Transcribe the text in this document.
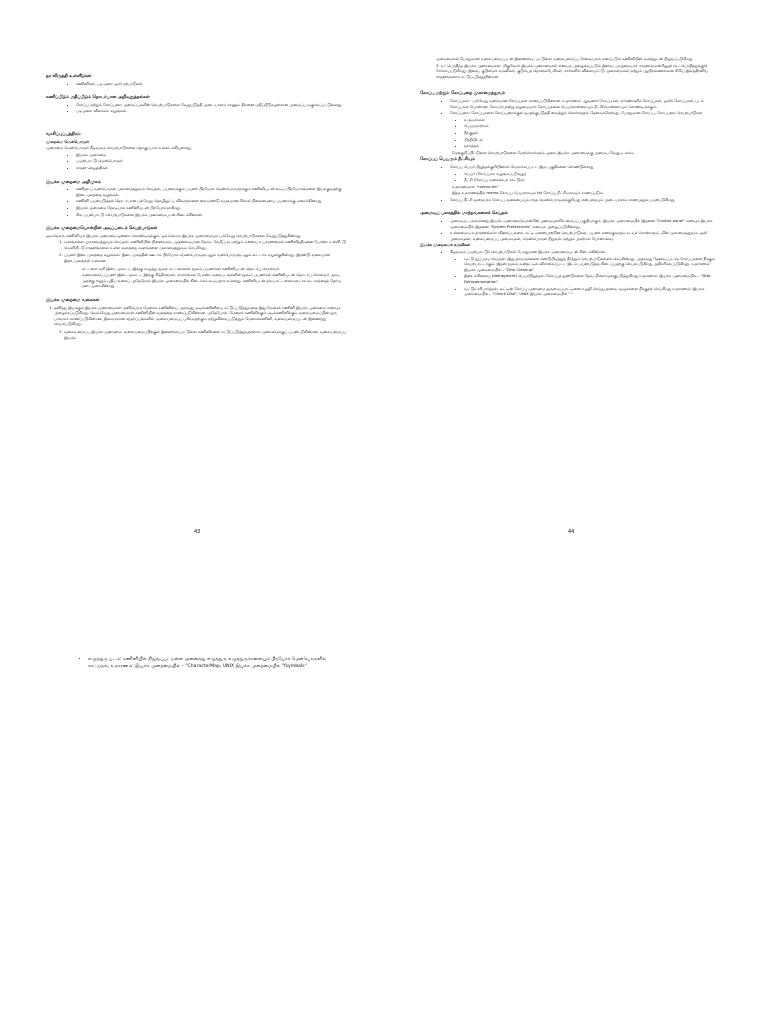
தர விருத்தி உள்ளீடுகள்
• கணினிகள், படிமுறை ஒலி ஏற்பாடுகள்
கணிப்பீடும் மதிப்பீடும் தொடர்பான அறிவுறுத்தல்கள்
• கோப்பு மற்றும் கோப்புறை அமைப்புகளின் செயற்பாடுகளை வேறுபடுத்தி அடையாளம் காணும் திறனை மதிப்பிடுவதற்கான அமைப்பு வகுக்கப்பட்டுள்ளது.
• படிமுறை விளக்கம் வழங்கல்.
வாசிப்புப்பத்திரம்

முறைமை மென்பொருள்

முறைமை மென்பொருள் கீழ்வரும் செயற்பாடுகளை தொகுப்பாக உள்ளடக்கியுள்ளது.

• இயக்க முறைமை
• பயன்பாட்டு மென்பொருள்
• சாதன செலுத்திகள்
இயக்க முறைமை அறிமுகம்
• கணிதஉப வன்பொருள் முகாமைத்துவம் செய்தல், பயனருக்கும் பயனர் பிரயோக மென்பொருளுக்கும் கணினியுடன் கூடிய பிரயோகங்களை இயக்குவதற்கு இடைமுகத்தை வழங்கல்.
• கணினி பயன்படுத்தல் தொடர்பான பல்வேறு தொழிலுட்ப விவரங்களை கையாண்டு சுமுகமான சிக்கல் நிலைமையை பயனருக்கு மறைக்கின்றது.
• இயக்க முறைமை நேரடியாக கணினியுடன் பிரயோகமாகிறது.
• சில பயன்பாட்டு செயற்பாடுகளை இயக்க முறைமையுடன் கிடைக்கின்றன.
இயக்க முறைமையொன்றின் அடிப்படைச் செயற்பாடுகள்

ஒவ்வொரு கணினியும் இயக்க முறைமை ஒன்றை கொண்டிருக்கும். ஒவ்வொரு இயக்க முறைமையும் பல்வேறு செயற்பாடுகளை வேறுபடுத்துகின்றது.

1. வளங்களை முகாமைத்துவம் செய்தல்: கணினியின் நினைவகம், முதன்மையான நேரம், சேமிப்பக மற்றும் ஏனைய உபகரணங்கள் கணினித்திறனை போன்ற உள்ளீட்டு வெளியீட்டு சாதனங்களை உள்ள வளத்தை வளங்களை முகாமைத்துவம் செய்கிறது.
2. பயனர் இடைமுகத்தை வழங்கல்: இடைமுகத்தின் ஊடாக பிரயோக மென்பொருளுடனும் வன்பொருளுடனும் கூட்டாக வழங்குகின்றது. இரண்டு வகையான இடைமுகங்கள் உள்ளன.

கட்டளை வரி இடைமுகம் — இங்கு எழுத்து மூலக் கட்டளைகள் மூலம் பயனர்கள் கணினியுடன் தொடர்பு கொள்வர்.

வரைகலைப் பயனர் இடைமுகம் — இங்கு சித்திரங்கள், சாளரங்கள் போன்ற வரைபடங்களின் மூலம் பயனர்கள் கணினியுடன் தொடர்பு கொள்வர். தரவு அதற்கு ஈனும் புதிய வகைப் அதேநேரம் இயக்க முறைமையில் கிடைக்கக் கூடியதாக உள்ளது. கணினியுடன் தரவு கட்டளைகளுடாக கூடாரத்தைத் தேர்வு நடைமுறைகின்றது.

இயக்க முறைமை வகைகள்
1. தனித்து இயக்கும் இயக்க முறைமைகள்: தனியொரு மேசைக் கணினியை அவ்வது மடிக்கணினியை கட்டுப்படுத்துவதை இது மேசைக் கணினி இயக்க முறைமை எனவும் அழைக்கப்படுகிறது. வெவ்வேறு முறைமைகள் கணினியின் வளத்தை காணப்படுகின்றன. அதேபோல், மேசைக் கணினிக்கும் மடிக்கணினிக்கும் வலையமைப்பின் ஒரு பாகமாக காணப்படுகின்றன. இவ்வாறான சந்தர்ப்பங்களில், வலையமைப்பு பகிரவதற்கும் ஏற்றுவிசைப்படுத்தும் மேசைக்கணினி, வலையமைப்புடன் இணைந்து செயல்படுகிறது.
2. வலையமைப்பு இயக்க முறைமை: வலையமைப்பிற்குள் இணைக்கப்பட்டுள்ள கணினிகளை கட்டுப்படுத்துவதற்காக முறைமைக்குப் பயன்படுகின்றன. வலையமைப்பு இயக்க
43

முறைமைகள் போதுமான வலையமைப்புடன் இணைக்கப் பட்டுள்ள வலையமைப்பு சேவையகம் எனப்படும் கணினியின் வளத்துடன் நிறுவப்படுகிறது.

3. உட்பொதிந்த இயக்க முறைமைகள்: மிகுவோர் இயக்க முறைமைகள் எனவும் அழைக்கப்படும் இவை, முழுமையாக சாதனமொன்றினுள் (உட்பொதித்துக்குச்) சேர்க்கப்படுகிறது. இவை, குடுமைக் கருவிகள், குடும்பத் தொலைபேசிகள், கார்களில் விளையாட்டு முறைமைகள் மற்றும் ஆயிரக்கணக்கான சிறிய இலத்திரனிய சாதனங்களாக கட்டுப்படுத்துகின்றன.

கோப்பு மற்றும் கோப்புறை முகாமைத்துவம்
• கோப்புகள் : பல்வேறு வகையான கோப்புகள் காணப்படுகின்றன. உதாரணம்: ஆவணக் கோப்புகள், காணொளிக் கோப்புகள், ஒலிக் கோப்புகள், படக் கோப்புகள் போன்றன. கோப்பொன்று வழமையாக கோப்புகளை பெயரொன்றையும் நீட்சியொன்றையும் கொண்டிருக்கும்.
• கோப்புறை: கோப்புகளை கோப்புறைக்குள் ஒழுங்குபடுத்தி வைத்துக் கொள்ளுதல் தேவைக்கேற்றது. போதுமான கோப்பு, கோப்புறை செயற்பாடுகள்
• உருவாக்கல்
• பெயரமாற்றல்
• நீக்குதல்
• பிரதியிடல்
• நகர்த்தல்

மேற்குறிப்பிட்டுள்ள செயற்பாடுகளை மேற்கொள்ளும் முறை இயக்க முறைமைக்கு அமைய வேறுபடலாம்.

கோப்புப் பெயரும் நீட்சியும்
• கோப்பு பெயர் நிறுத்தக்குறியினால் வேறாக்கப்பட்ட இரு பகுதிகளை கொண்டுள்ளது
• பெயர் (கோப்பாக வழங்கப்படுவது)
• நீட்சி (கோப்பு வகையைக் காட்டும்)

உதாரணமாக: "memo.txt"

இந்த உதாரணத்தில் memo கோப்பு பெயராகவும் txt கோப்பு நீட்சியாகவும் காணப்படும்.

• கோப்பு நீட்சி வகையாக கோப்பு வகையையும் எந்த மென்பொருளுக்குரியது என்பதையும் அடையாளம் காணமுறும் பயன்படுகிறது.
அமைவுப் பலகத்தில் மாற்றங்களைச் செய்தல்
• அமைவுப் பலகமானது இயக்க முறைமையொன்றின் அமைவுகளில் மையப் பகுதியாகும். இயக்க முறைமையில் இதனை "Control panel" எனவும் இயக்க முறைமையில் இதனை "System Preferences" எனவும் அழைப்படுகின்றது.
• உள்ளமைவு உதாரணங்கள்: விசைப்பலகை, சுட்டி ஏனையாற்றின் செயற்பாடுகள், பயனர் கணக்குகளும் கடவுச் சொற்களும், மின் முகாமைத்துவம், ஒலி அமைவுகள், வலையமைப்பு அமைவுகள், மென்பொருள் நிறுவல் மற்றும் அகற்றல் போன்றவை.

இயக்க முறைமைக் கருவிகள்

• கீழ்வரும் பயன்பாட்டுச் செயற்பாடுகள் போதுமான இயக்க முறைமையுடன் கிடைக்கின்றன.
• வட்டு துப்புரவு செய்தல்: இது தாவருகளைக் கண்டுபிடித்துத் தீர்த்தும் செயற்பாடுகளைச் செய்கின்றது. அதாவது தேவைப்படாத கோப்புகளை நீக்கும் செயற்பாட்டாகும். இதன் மூலம் வன்தட்டில் விசாலைப்பட்ட இடம் பயன்படுத்த கிடைப்பதற்கு செயல்படுகிறது அதிகரிக்கப்படுகிறது. உதாரணம்: இயக்க முறைமையில் – "Disk Cleanup"
• இடைக்கிளைவு (defragment) பெயர்நிறுத்தல்: கோப்புத் துண்டுகளை தேவ மீளொழுங்குபடுத்துகிறது உதாரணம்: இயக்க முறைமையில் – "Disk Defragmentation"
• வட்டுச் சரிபார்த்தல்: வட்டின் கோப்பு முறைமை ஒருமைப்பாட்டினை உறுதி செய்து தரவை வழுக்களை நீக்குதற் செய்கிறது உதாரணம்: இயக்க முறைமையில் – "Check Disk", UNIX இயக்க முறைமையில் " "
44
• எழுத்துரு படம்: கணினியில் நிறுவப்பட்டுள்ள அனைத்து எழுத்துரு எழுத்துருக்களையும் பிரயோக மென்பொருளில் காட்டுதல், உதாரணம்: இயக்க முறைமையில் – "CharacterMap, UNIX இயக்க முறைமையில் "fsymbols"
